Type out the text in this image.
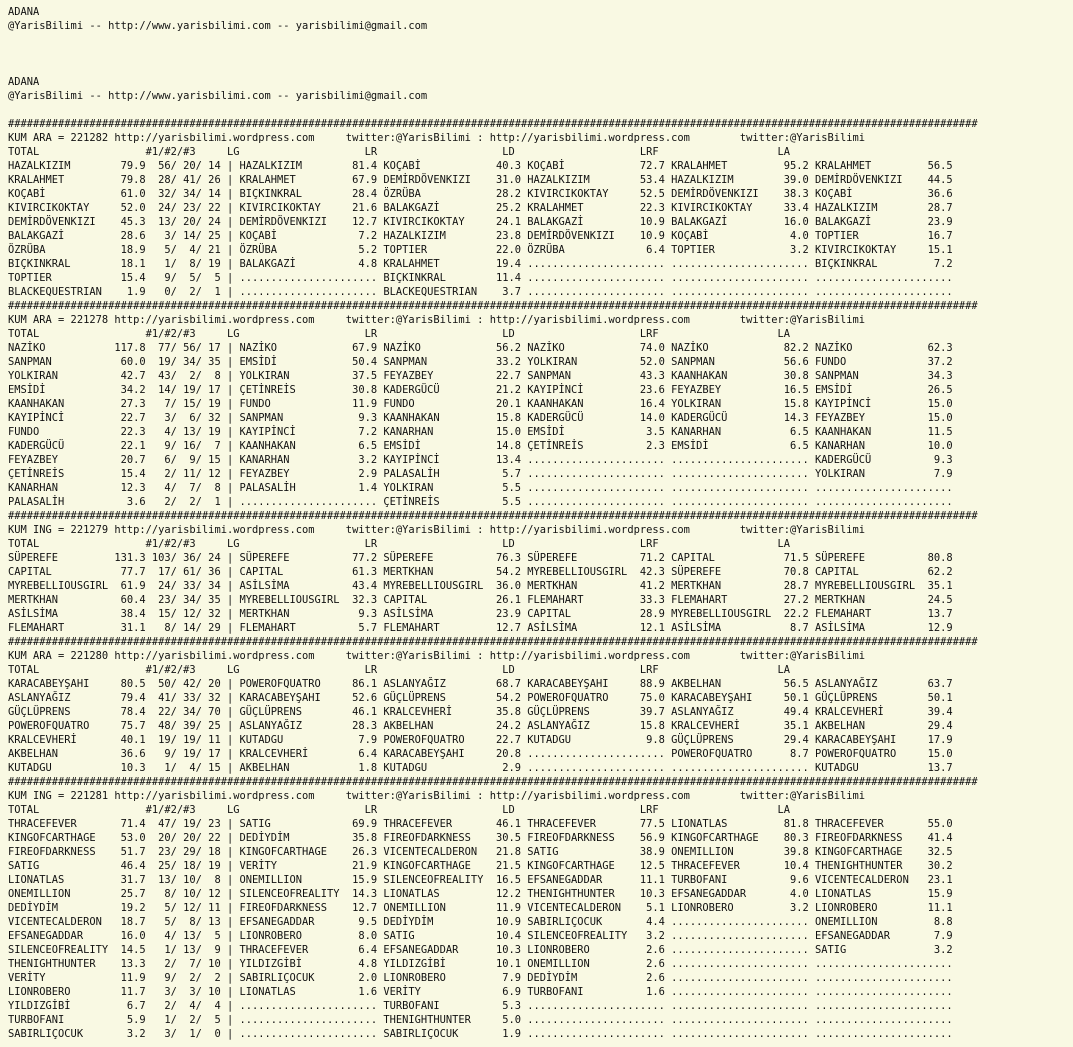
ADANA
@YarisBilimi -- http://www.yarisbilimi.com -- yarisbilimi@gmail.com
ADANA
@YarisBilimi -- http://www.yarisbilimi.com -- yarisbilimi@gmail.com
###########################################################################################################################################################
KUM ARA = 221282 http://yarisbilimi.wordpress.com     twitter:@YarisBilimi : http://yarisbilimi.wordpress.com        twitter:@YarisBilimi
TOTAL                 #1/#2/#3     LG                    LR                    LD                    LRF                   LA
HAZALKIZIM        79.9  56/ 20/ 14 | HAZALKIZIM        81.4 KOÇABİ            40.3 KOÇABİ            72.7 KRALAHMET         95.2 KRALAHMET         56.5
KRALAHMET         79.8  28/ 41/ 26 | KRALAHMET         67.9 DEMİRDÖVENKIZI    31.0 HAZALKIZIM        53.4 HAZALKIZIM        39.0 DEMİRDÖVENKIZI    44.5
KOÇABİ            61.0  32/ 34/ 14 | BIÇKINKRAL        28.4 ÖZRÜBA            28.2 KIVIRCIKOKTAY     52.5 DEMİRDÖVENKIZI    38.3 KOÇABİ            36.6
KIVIRCIKOKTAY     52.0  24/ 23/ 22 | KIVIRCIKOKTAY     21.6 BALAKGAZİ         25.2 KRALAHMET         22.3 KIVIRCIKOKTAY     33.4 HAZALKIZIM        28.7
DEMİRDÖVENKIZI    45.3  13/ 20/ 24 | DEMİRDÖVENKIZI    12.7 KIVIRCIKOKTAY     24.1 BALAKGAZİ         10.9 BALAKGAZİ         16.0 BALAKGAZİ         23.9
BALAKGAZİ         28.6   3/ 14/ 25 | KOÇABİ             7.2 HAZALKIZIM        23.8 DEMİRDÖVENKIZI    10.9 KOÇABİ             4.0 TOPTIER           16.7
ÖZRÜBA            18.9   5/  4/ 21 | ÖZRÜBA             5.2 TOPTIER           22.0 ÖZRÜBA             6.4 TOPTIER            3.2 KIVIRCIKOKTAY     15.1
BIÇKINKRAL        18.1   1/  8/ 19 | BALAKGAZİ          4.8 KRALAHMET         19.4 ...................... ...................... BIÇKINKRAL         7.2
TOPTIER           15.4   9/  5/  5 | ...................... BIÇKINKRAL        11.4 ...................... ...................... ......................
BLACKEQUESTRIAN    1.9   0/  2/  1 | ...................... BLACKEQUESTRIAN    3.7 ...................... ...................... ......................
###########################################################################################################################################################
KUM ARA = 221278 http://yarisbilimi.wordpress.com     twitter:@YarisBilimi : http://yarisbilimi.wordpress.com        twitter:@YarisBilimi
TOTAL                 #1/#2/#3     LG                    LR                    LD                    LRF                   LA
NAZİKO           117.8  77/ 56/ 17 | NAZİKO            67.9 NAZİKO            56.2 NAZİKO            74.0 NAZİKO            82.2 NAZİKO            62.3
SANPMAN           60.0  19/ 34/ 35 | EMSİDİ            50.4 SANPMAN           33.2 YOLKIRAN          52.0 SANPMAN           56.6 FUNDO             37.2
YOLKIRAN          42.7  43/  2/  8 | YOLKIRAN          37.5 FEYAZBEY          22.7 SANPMAN           43.3 KAANHAKAN         30.8 SANPMAN           34.3
EMSİDİ            34.2  14/ 19/ 17 | ÇETİNREİS         30.8 KADERGÜCÜ         21.2 KAYIPİNCİ         23.6 FEYAZBEY          16.5 EMSİDİ            26.5
KAANHAKAN         27.3   7/ 15/ 19 | FUNDO             11.9 FUNDO             20.1 KAANHAKAN         16.4 YOLKIRAN          15.8 KAYIPİNCİ         15.0
KAYIPİNCİ         22.7   3/  6/ 32 | SANPMAN            9.3 KAANHAKAN         15.8 KADERGÜCÜ         14.0 KADERGÜCÜ         14.3 FEYAZBEY          15.0
FUNDO             22.3   4/ 13/ 19 | KAYIPİNCİ          7.2 KANARHAN          15.0 EMSİDİ             3.5 KANARHAN           6.5 KAANHAKAN         11.5
KADERGÜCÜ         22.1   9/ 16/  7 | KAANHAKAN          6.5 EMSİDİ            14.8 ÇETİNREİS          2.3 EMSİDİ             6.5 KANARHAN          10.0
FEYAZBEY          20.7   6/  9/ 15 | KANARHAN           3.2 KAYIPİNCİ         13.4 ...................... ...................... KADERGÜCÜ          9.3
ÇETİNREİS         15.4   2/ 11/ 12 | FEYAZBEY           2.9 PALASALİH          5.7 ...................... ...................... YOLKIRAN           7.9
KANARHAN          12.3   4/  7/  8 | PALASALİH          1.4 YOLKIRAN           5.5 ...................... ...................... ......................
PALASALİH          3.6   2/  2/  1 | ...................... ÇETİNREİS          5.5 ...................... ...................... ......................
###########################################################################################################################################################
KUM ING = 221279 http://yarisbilimi.wordpress.com     twitter:@YarisBilimi : http://yarisbilimi.wordpress.com        twitter:@YarisBilimi
TOTAL                 #1/#2/#3     LG                    LR                    LD                    LRF                   LA
SÜPEREFE         131.3 103/ 36/ 24 | SÜPEREFE          77.2 SÜPEREFE          76.3 SÜPEREFE          71.2 CAPITAL           71.5 SÜPEREFE          80.8
CAPITAL           77.7  17/ 61/ 36 | CAPITAL           61.3 MERTKHAN          54.2 MYREBELLIOUSGIRL  42.3 SÜPEREFE          70.8 CAPITAL           62.2
MYREBELLIOUSGIRL  61.9  24/ 33/ 34 | ASİLSİMA          43.4 MYREBELLIOUSGIRL  36.0 MERTKHAN          41.2 MERTKHAN          28.7 MYREBELLIOUSGIRL  35.1
MERTKHAN          60.4  23/ 34/ 35 | MYREBELLIOUSGIRL  32.3 CAPITAL           26.1 FLEMAHART         33.3 FLEMAHART         27.2 MERTKHAN          24.5
ASİLSİMA          38.4  15/ 12/ 32 | MERTKHAN           9.3 ASİLSİMA          23.9 CAPITAL           28.9 MYREBELLIOUSGIRL  22.2 FLEMAHART         13.7
FLEMAHART         31.1   8/ 14/ 29 | FLEMAHART          5.7 FLEMAHART         12.7 ASİLSİMA          12.1 ASİLSİMA           8.7 ASİLSİMA          12.9
###########################################################################################################################################################
KUM ARA = 221280 http://yarisbilimi.wordpress.com     twitter:@YarisBilimi : http://yarisbilimi.wordpress.com        twitter:@YarisBilimi
TOTAL                 #1/#2/#3     LG                    LR                    LD                    LRF                   LA
KARACABEYŞAHI     80.5  50/ 42/ 20 | POWEROFQUATRO     86.1 ASLANYAĞIZ        68.7 KARACABEYŞAHI     88.9 AKBELHAN          56.5 ASLANYAĞIZ        63.7
ASLANYAĞIZ        79.4  41/ 33/ 32 | KARACABEYŞAHI     52.6 GÜÇLÜPRENS        54.2 POWEROFQUATRO     75.0 KARACABEYŞAHI     50.1 GÜÇLÜPRENS        50.1
GÜÇLÜPRENS        78.4  22/ 34/ 70 | GÜÇLÜPRENS        46.1 KRALCEVHERİ       35.8 GÜÇLÜPRENS        39.7 ASLANYAĞIZ        49.4 KRALCEVHERİ       39.4
POWEROFQUATRO     75.7  48/ 39/ 25 | ASLANYAĞIZ        28.3 AKBELHAN          24.2 ASLANYAĞIZ        15.8 KRALCEVHERİ       35.1 AKBELHAN          29.4
KRALCEVHERİ       40.1  19/ 19/ 11 | KUTADGU            7.9 POWEROFQUATRO     22.7 KUTADGU            9.8 GÜÇLÜPRENS        29.4 KARACABEYŞAHI     17.9
AKBELHAN          36.6   9/ 19/ 17 | KRALCEVHERİ        6.4 KARACABEYŞAHI     20.8 ...................... POWEROFQUATRO      8.7 POWEROFQUATRO     15.0
KUTADGU           10.3   1/  4/ 15 | AKBELHAN           1.8 KUTADGU            2.9 ...................... ...................... KUTADGU           13.7
###########################################################################################################################################################
KUM ING = 221281 http://yarisbilimi.wordpress.com     twitter:@YarisBilimi : http://yarisbilimi.wordpress.com        twitter:@YarisBilimi
TOTAL                 #1/#2/#3     LG                    LR                    LD                    LRF                   LA
THRACEFEVER       71.4  47/ 19/ 23 | SATIG             69.9 THRACEFEVER       46.1 THRACEFEVER       77.5 LIONATLAS         81.8 THRACEFEVER       55.0
KINGOFCARTHAGE    53.0  20/ 20/ 22 | DEDİYDİM          35.8 FIREOFDARKNESS    30.5 FIREOFDARKNESS    56.9 KINGOFCARTHAGE    80.3 FIREOFDARKNESS    41.4
FIREOFDARKNESS    51.7  23/ 29/ 18 | KINGOFCARTHAGE    26.3 VICENTECALDERON   21.8 SATIG             38.9 ONEMILLION        39.8 KINGOFCARTHAGE    32.5
SATIG             46.4  25/ 18/ 19 | VERİTY            21.9 KINGOFCARTHAGE    21.5 KINGOFCARTHAGE    12.5 THRACEFEVER       10.4 THENIGHTHUNTER    30.2
LIONATLAS         31.7  13/ 10/  8 | ONEMILLION        15.9 SILENCEOFREALITY  16.5 EFSANEGADDAR      11.1 TURBOFANI          9.6 VICENTECALDERON   23.1
ONEMILLION        25.7   8/ 10/ 12 | SILENCEOFREALITY  14.3 LIONATLAS         12.2 THENIGHTHUNTER    10.3 EFSANEGADDAR       4.0 LIONATLAS         15.9
DEDİYDİM          19.2   5/ 12/ 11 | FIREOFDARKNESS    12.7 ONEMILLION        11.9 VICENTECALDERON    5.1 LIONROBERO         3.2 LIONROBERO        11.1
VICENTECALDERON   18.7   5/  8/ 13 | EFSANEGADDAR       9.5 DEDİYDİM          10.9 SABIRLIÇOCUK       4.4 ...................... ONEMILLION         8.8
EFSANEGADDAR      16.0   4/ 13/  5 | LIONROBERO         8.0 SATIG             10.4 SILENCEOFREALITY   3.2 ...................... EFSANEGADDAR       7.9
SILENCEOFREALITY  14.5   1/ 13/  9 | THRACEFEVER        6.4 EFSANEGADDAR      10.3 LIONROBERO         2.6 ...................... SATIG              3.2
THENIGHTHUNTER    13.3   2/  7/ 10 | YILDIZGİBİ         4.8 YILDIZGİBİ        10.1 ONEMILLION         2.6 ...................... ......................
VERİTY            11.9   9/  2/  2 | SABIRLIÇOCUK       2.0 LIONROBERO         7.9 DEDİYDİM           2.6 ...................... ......................
LIONROBERO        11.7   3/  3/ 10 | LIONATLAS          1.6 VERİTY             6.9 TURBOFANI          1.6 ...................... ......................
YILDIZGİBİ         6.7   2/  4/  4 | ...................... TURBOFANI          5.3 ...................... ...................... ......................
TURBOFANI          5.9   1/  2/  5 | ...................... THENIGHTHUNTER     5.0 ...................... ...................... ......................
SABIRLIÇOCUK       3.2   3/  1/  0 | ...................... SABIRLIÇOCUK       1.9 ...................... ...................... ......................
